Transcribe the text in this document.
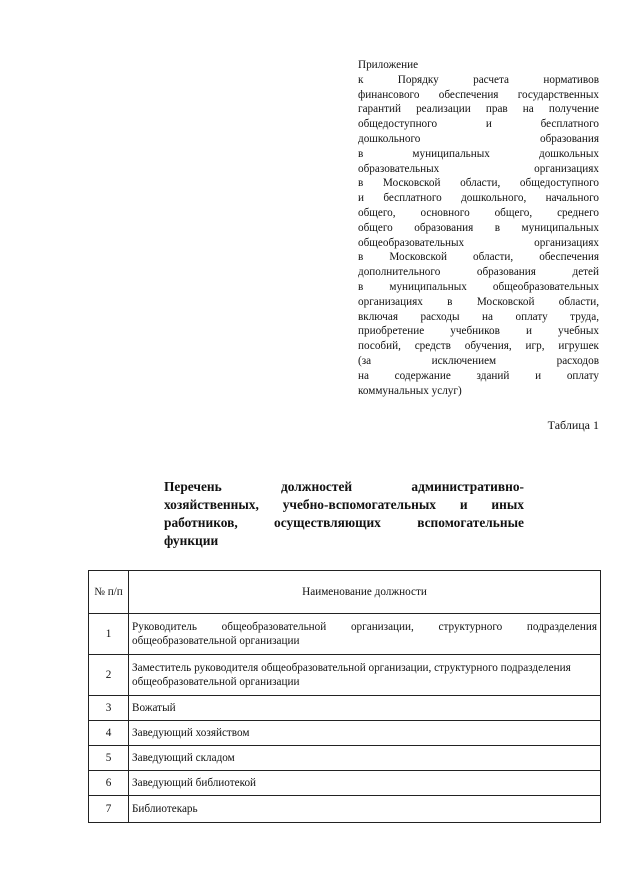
Приложение
к Порядку расчета нормативов
финансового обеспечения государственных
гарантий реализации прав на получение
общедоступного и бесплатного
дошкольного образования
в муниципальных дошкольных
образовательных организациях
в Московской области, общедоступного
и бесплатного дошкольного, начального
общего, основного общего, среднего
общего образования в муниципальных
общеобразовательных организациях
в Московской области, обеспечения
дополнительного образования детей
в муниципальных общеобразовательных
организациях в Московской области,
включая расходы на оплату труда,
приобретение учебников и учебных
пособий, средств обучения, игр, игрушек
(за исключением расходов
на содержание зданий и оплату
коммунальных услуг)
Таблица 1
Перечень должностей административно-
хозяйственных, учебно-вспомогательных и иных
работников, осуществляющих вспомогательные
функции
№ п/п	Наименование должности
1	Руководитель общеобразовательной организации, структурного подразделения общеобразовательной организации
2	Заместитель руководителя общеобразовательной организации, структурного подразделения общеобразовательной организации
3	Вожатый
4	Заведующий хозяйством
5	Заведующий складом
6	Заведующий библиотекой
7	Библиотекарь
